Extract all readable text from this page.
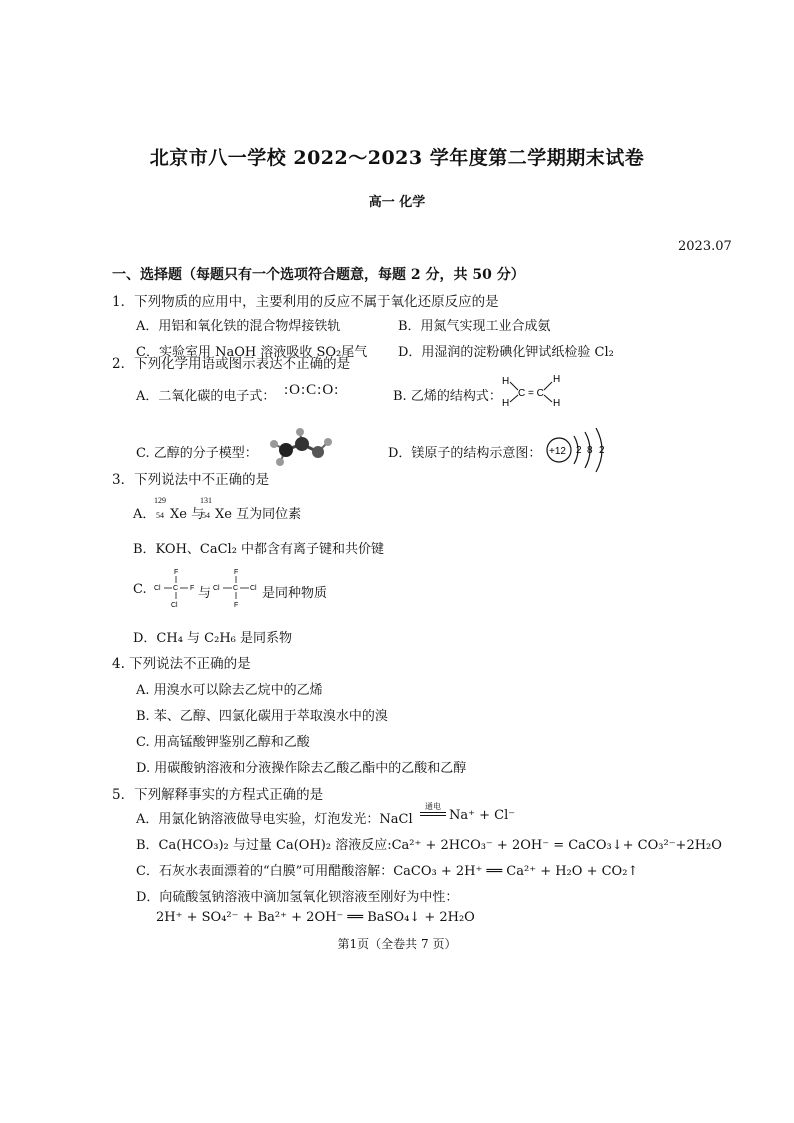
北京市八一学校 2022～2023 学年度第二学期期末试卷
高一 化学
2023.07
一、选择题（每题只有一个选项符合题意，每题 2 分，共 50 分）
1．下列物质的应用中，主要利用的反应不属于氧化还原反应的是
A．用铝和氧化铁的混合物焊接铁轨	B．用氮气实现工业合成氨
C．实验室用 NaOH 溶液吸收 SO₂尾气 D．用湿润的淀粉碘化钾试纸检验 Cl₂
2．下列化学用语或图示表达不正确的是
A．二氧化碳的电子式： :O:C:O:	B. 乙烯的结构式：
H
H
C = C
H
H
C. 乙醇的分子模型：	D．镁原子的结构示意图： +12 2 8 2
3．下列说法中不正确的是
A．
129
54 Xe 与
131
54 Xe 互为同位素
B．KOH、CaCl₂ 中都含有离子键和共价键
C.
F
Cl C F
Cl
与
F
Cl C Cl
F
是同种物质
D．CH₄ 与 C₂H₆ 是同系物
4. 下列说法不正确的是
A. 用溴水可以除去乙烷中的乙烯
B. 苯、乙醇、四氯化碳用于萃取溴水中的溴
C. 用高锰酸钾鉴别乙醇和乙酸
D. 用碳酸钠溶液和分液操作除去乙酸乙酯中的乙酸和乙醇
5．下列解释事实的方程式正确的是
A．用氯化钠溶液做导电实验，灯泡发光：NaCl
通电
Na⁺ + Cl⁻
B．Ca(HCO₃)₂ 与过量 Ca(OH)₂ 溶液反应:Ca²⁺ + 2HCO₃⁻ + 2OH⁻ = CaCO₃↓+ CO₃²⁻+2H₂O
C．石灰水表面漂着的“白膜”可用醋酸溶解：CaCO₃ + 2H⁺ ══ Ca²⁺ + H₂O + CO₂↑
D．向硫酸氢钠溶液中滴加氢氧化钡溶液至刚好为中性：
2H⁺ + SO₄²⁻ + Ba²⁺ + 2OH⁻ ══ BaSO₄↓ + 2H₂O
第1页（全卷共 7 页）
